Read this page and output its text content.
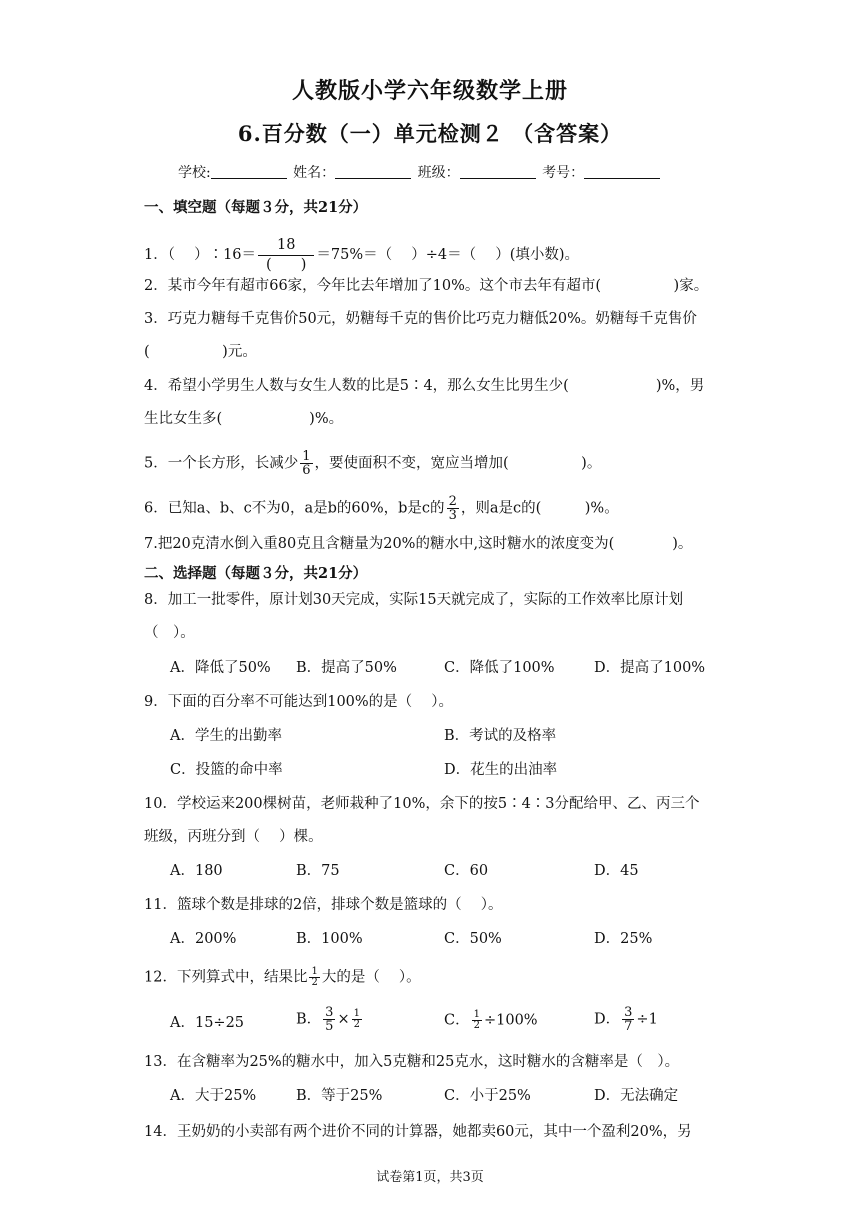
人教版小学六年级数学上册
6.百分数（一）单元检测２ （含答案）
学校:	姓名：	班级：	考号：
一、填空题（每题３分，共21分）
1．（　 ）∶16＝ $\frac{18}{( )} =75\%=$（　 ）÷4＝（　 ）(填小数)。
2．某市今年有超市66家，今年比去年增加了10%。这个市去年有超市(　　　　　)家。
3．巧克力糖每千克售价50元，奶糖每千克的售价比巧克力糖低20%。奶糖每千克售价
(　　　　　)元。
4．希望小学男生人数与女生人数的比是5∶4，那么女生比男生少(　　　　　　)%，男
生比女生多(　　　　　　)%。
5．一个长方形，长减少 $\frac{1}{6}$ ，要使面积不变，宽应当增加(　　　　　)。
6．已知a、b、c不为0，a是b的60%，b是c的 $\frac{2}{3}$ ，则a是c的(　　　)%。
7.把20克清水倒入重80克且含糖量为20%的糖水中,这时糖水的浓度变为(　　　　)。
二、选择题（每题３分，共21分）
8．加工一批零件，原计划30天完成，实际15天就完成了，实际的工作效率比原计划
（　）。
A．降低了50% B．提高了50%	C．降低了100%	D．提高了100%
9．下面的百分率不可能达到100%的是（　 ）。
A．学生的出勤率	B．考试的及格率
C．投篮的命中率	D．花生的出油率
10．学校运来200棵树苗，老师栽种了10%，余下的按5∶4∶3分配给甲、乙、丙三个
班级，丙班分到（　 ）棵。
A．180	B．75	C．60	D．45
11．篮球个数是排球的2倍，排球个数是篮球的（　 ）。
A．200%	B．100%	C．50%	D．25%
12．下列算式中，结果比 $\frac{1}{2}$ 大的是（　 ）。
A．15÷25	B． $\frac{3}{5} \times \frac{1}{2}$	C． $\frac{1}{2} \div 100\%$	D． $\frac{3}{7} \div 1$
13．在含糖率为25%的糖水中，加入5克糖和25克水，这时糖水的含糖率是（　）。
A．大于25%	B．等于25%	C．小于25%	D．无法确定
14．王奶奶的小卖部有两个进价不同的计算器，她都卖60元，其中一个盈利20%，另
试卷第1页，共3页
